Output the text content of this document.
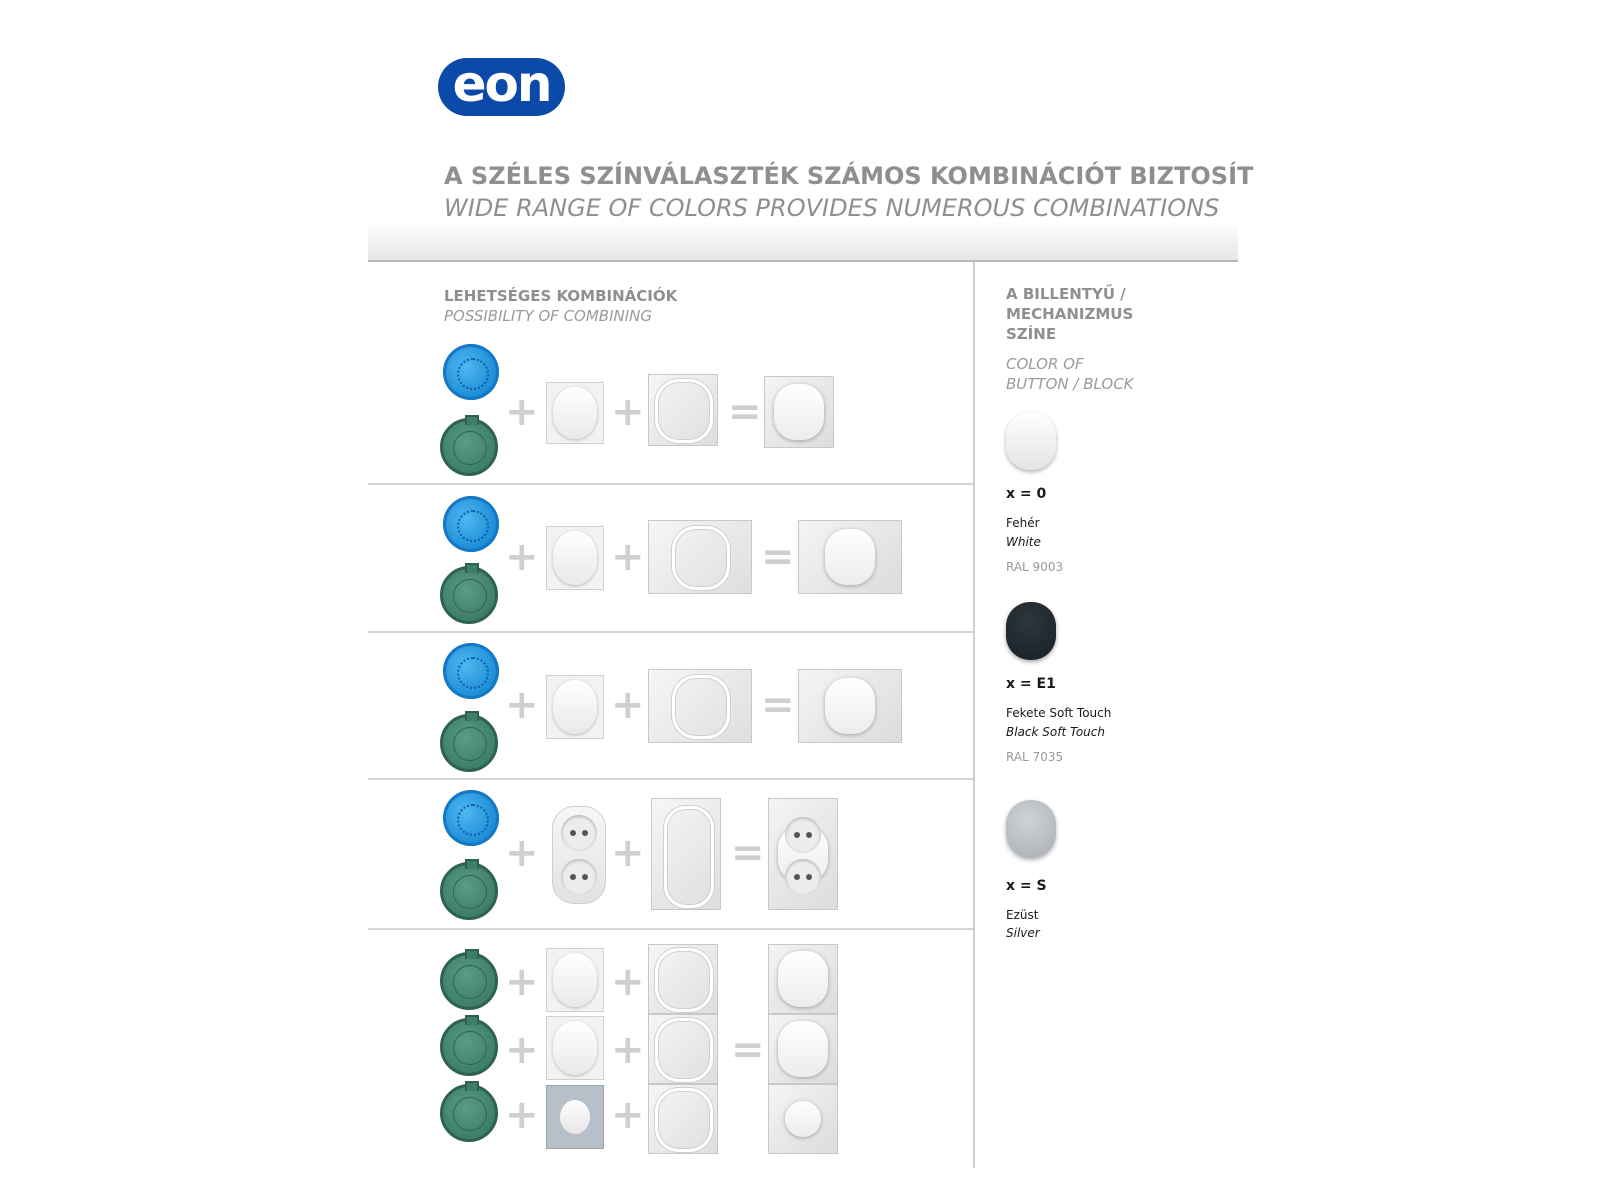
eon
A SZÉLES SZÍNVÁLASZTÉK SZÁMOS KOMBINÁCIÓT BIZTOSÍT
WIDE RANGE OF COLORS PROVIDES NUMEROUS COMBINATIONS
LEHETSÉGES KOMBINÁCIÓK
POSSIBILITY OF COMBINING
+ + =
+ +	=
+ +	=
+ + =
+
+
+
+
+
+
=
A BILLENTYŰ /
MECHANIZMUS
SZÍNE
COLOR OF
BUTTON / BLOCK
x = 0
Fehér
White
RAL 9003
x = E1
Fekete Soft Touch
Black Soft Touch
RAL 7035
x = S
Ezüst
Silver
